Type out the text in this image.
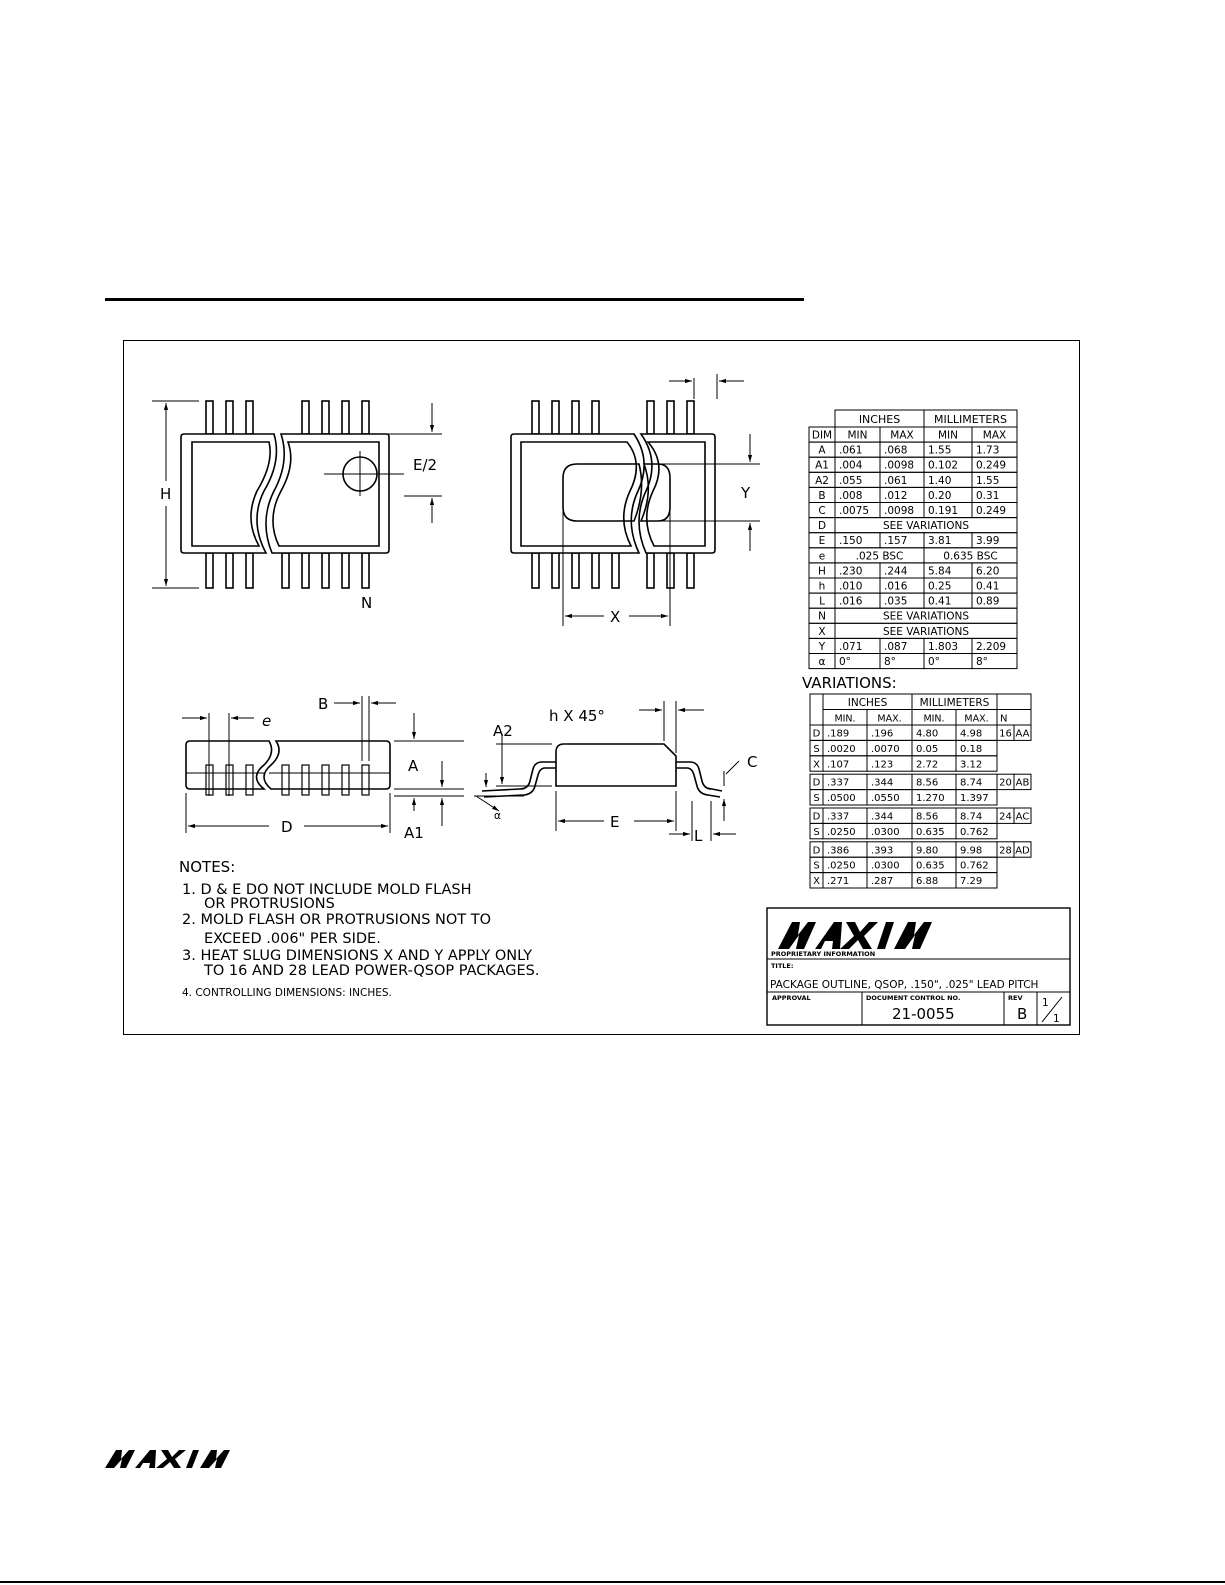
H
E/2
N
Y
X
B
e
A
A1
D
A2
h X 45°
C
E
L
α
NOTES:
1. D & E DO NOT INCLUDE MOLD FLASH
OR PROTRUSIONS
2. MOLD FLASH OR PROTRUSIONS NOT TO
EXCEED .006" PER SIDE.
3. HEAT SLUG DIMENSIONS X AND Y APPLY ONLY
TO 16 AND 28 LEAD POWER-QSOP PACKAGES.
4. CONTROLLING DIMENSIONS: INCHES.
INCHES	MILLIMETERS
DIM MIN MAX MIN MAX
A .061 .068 1.55 1.73
A1 .004 .0098 0.102 0.249
A2 .055 .061 1.40 1.55
B .008 .012 0.20 0.31
C .0075 .0098 0.191 0.249
D	SEE VARIATIONS
E .150 .157 3.81 3.99
e	.025 BSC	0.635 BSC
H .230 .244 5.84 6.20
h .010 .016 0.25 0.41
L .016 .035 0.41 0.89
N	SEE VARIATIONS
X	SEE VARIATIONS
Y .071 .087 1.803 2.209
α 0°	8°	0°	8°
VARIATIONS:
INCHES	MILLIMETERS
MIN. MAX. MIN. MAX. N
D .189 .196 4.80 4.98 16 AA
S .0020 .0070 0.05 0.18
X .107 .123 2.72 3.12
D .337 .344 8.56 8.74 20 AB
S .0500 .0550 1.270 1.397
D .337 .344 8.56 8.74 24 AC
S .0250 .0300 0.635 0.762
D .386 .393 9.80 9.98 28 AD
S .0250 .0300 0.635 0.762
X .271 .287 6.88 7.29
PROPRIETARY INFORMATION
TITLE:
PACKAGE OUTLINE, QSOP, .150", .025" LEAD PITCH
APPROVAL	DOCUMENT CONTROL NO.
21-0055
REV
B
1
1
